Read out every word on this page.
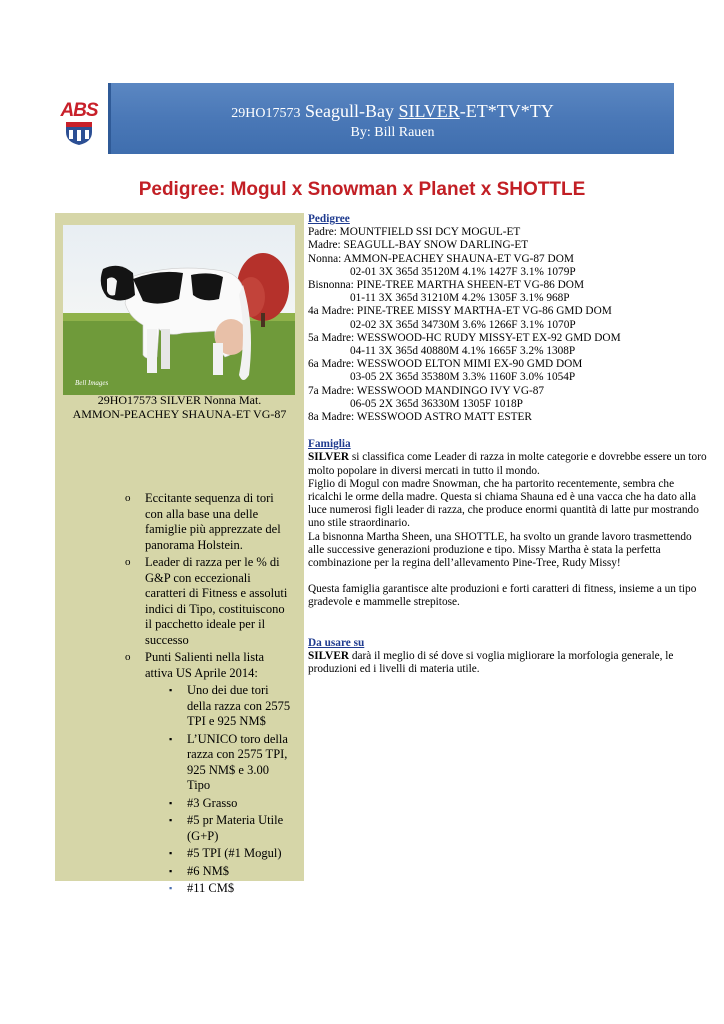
ABS	29HO17573 Seagull-Bay SILVER-ET*TV*TY
By: Bill Rauen
Pedigree: Mogul x Snowman x Planet x SHOTTLE
Bell Images
29HO17573 SILVER Nonna Mat.
AMMON-PEACHEY SHAUNA-ET VG-87
o Eccitante sequenza di tori con alla base una delle famiglie più apprezzate del panorama Holstein.
o Leader di razza per le % di G&P con eccezionali caratteri di Fitness e assoluti indici di Tipo, costituiscono il pacchetto ideale per il successo
o Punti Salienti nella lista attiva US Aprile 2014:
▪ Uno dei due tori della razza con 2575 TPI e 925 NM$
▪ L’UNICO toro della razza con 2575 TPI, 925 NM$ e 3.00 Tipo
▪ #3 Grasso
▪ #5 pr Materia Utile (G+P)
▪ #5 TPI (#1 Mogul)
▪ #6 NM$
▪ #11 CM$
Pedigree
Padre: MOUNTFIELD SSI DCY MOGUL-ET
Madre: SEAGULL-BAY SNOW DARLING-ET
Nonna: AMMON-PEACHEY SHAUNA-ET VG-87 DOM
02-01 3X 365d 35120M 4.1% 1427F 3.1% 1079P
Bisnonna: PINE-TREE MARTHA SHEEN-ET VG-86 DOM
01-11 3X 365d 31210M 4.2% 1305F 3.1% 968P
4a Madre: PINE-TREE MISSY MARTHA-ET VG-86 GMD DOM
02-02 3X 365d 34730M 3.6% 1266F 3.1% 1070P
5a Madre: WESSWOOD-HC RUDY MISSY-ET EX-92 GMD DOM
04-11 3X 365d 40880M 4.1% 1665F 3.2% 1308P
6a Madre: WESSWOOD ELTON MIMI EX-90 GMD DOM
03-05 2X 365d 35380M 3.3% 1160F 3.0% 1054P
7a Madre: WESSWOOD MANDINGO IVY VG-87
06-05 2X 365d 36330M 1305F 1018P
8a Madre: WESSWOOD ASTRO MATT ESTER
Famiglia
SILVER si classifica come Leader di razza in molte categorie e dovrebbe essere un toro molto popolare in diversi mercati in tutto il mondo.
Figlio di Mogul con madre Snowman, che ha partorito recentemente, sembra che ricalchi le orme della madre. Questa si chiama Shauna ed è una vacca che ha dato alla luce numerosi figli leader di razza, che produce enormi quantità di latte pur mostrando uno stile straordinario.
La bisnonna Martha Sheen, una SHOTTLE, ha svolto un grande lavoro trasmettendo alle successive generazioni produzione e tipo. Missy Martha è stata la perfetta combinazione per la regina dell’allevamento Pine-Tree, Rudy Missy!
Questa famiglia garantisce alte produzioni e forti caratteri di fitness, insieme a un tipo gradevole e mammelle strepitose.
Da usare su
SILVER darà il meglio di sé dove si voglia migliorare la morfologia generale, le produzioni ed i livelli di materia utile.
